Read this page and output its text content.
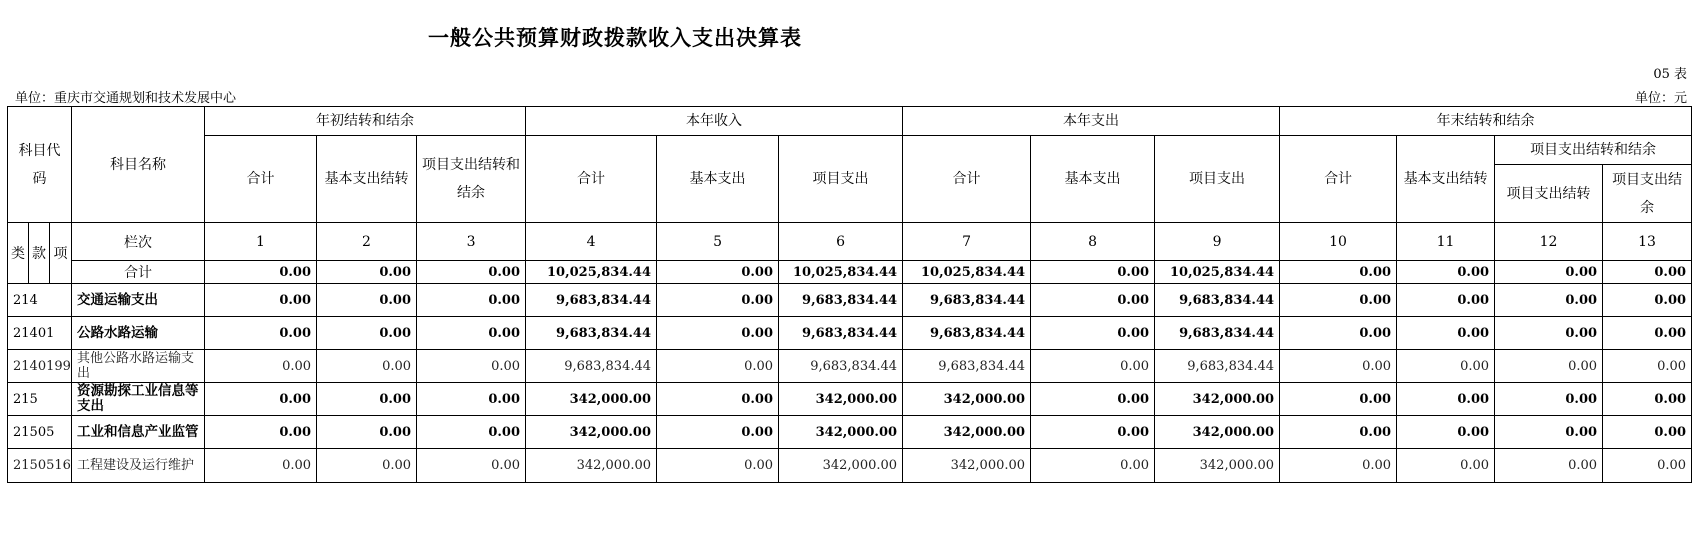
一般公共预算财政拨款收入支出决算表
05 表
单位：重庆市交通规划和技术发展中心	单位：元
科目代码			科目名称	年初结转和结余			本年收入			本年支出			年末结转和结余			
				合计	基本支出结转	项目支出结转和结余	合计	基本支出	项目支出	合计	基本支出	项目支出	合计	基本支出结转	项目支出结转和结余	
															项目支出结转	项目支出结余
类	款	项	栏次	1	2	3	4	5	6	7	8	9	10	11	12	13
			合计	0.00	0.00	0.00	10,025,834.44	0.00	10,025,834.44	10,025,834.44	0.00	10,025,834.44	0.00	0.00	0.00	0.00
214			交通运输支出	0.00	0.00	0.00	9,683,834.44	0.00	9,683,834.44	9,683,834.44	0.00	9,683,834.44	0.00	0.00	0.00	0.00
21401			公路水路运输	0.00	0.00	0.00	9,683,834.44	0.00	9,683,834.44	9,683,834.44	0.00	9,683,834.44	0.00	0.00	0.00	0.00
2140199			其他公路水路运输支出	0.00	0.00	0.00	9,683,834.44	0.00	9,683,834.44	9,683,834.44	0.00	9,683,834.44	0.00	0.00	0.00	0.00
215			资源勘探工业信息等支出	0.00	0.00	0.00	342,000.00	0.00	342,000.00	342,000.00	0.00	342,000.00	0.00	0.00	0.00	0.00
21505			工业和信息产业监管	0.00	0.00	0.00	342,000.00	0.00	342,000.00	342,000.00	0.00	342,000.00	0.00	0.00	0.00	0.00
2150516			工程建设及运行维护	0.00	0.00	0.00	342,000.00	0.00	342,000.00	342,000.00	0.00	342,000.00	0.00	0.00	0.00	0.00
